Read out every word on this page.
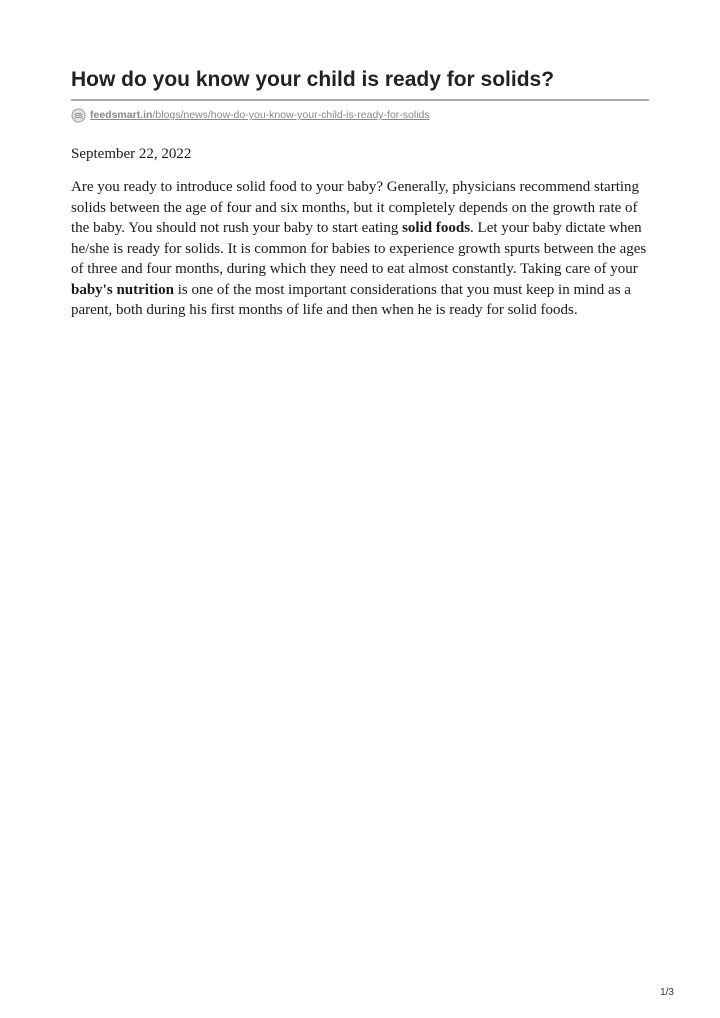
How do you know your child is ready for solids?
feedsmart.in/blogs/news/how-do-you-know-your-child-is-ready-for-solids

September 22, 2022

Are you ready to introduce solid food to your baby? Generally, physicians recommend starting solids between the age of four and six months, but it completely depends on the growth rate of the baby. You should not rush your baby to start eating solid foods. Let your baby dictate when he/she is ready for solids. It is common for babies to experience growth spurts between the ages of three and four months, during which they need to eat almost constantly. Taking care of your baby's nutrition is one of the most important considerations that you must keep in mind as a parent, both during his first months of life and then when he is ready for solid foods.

1/3
